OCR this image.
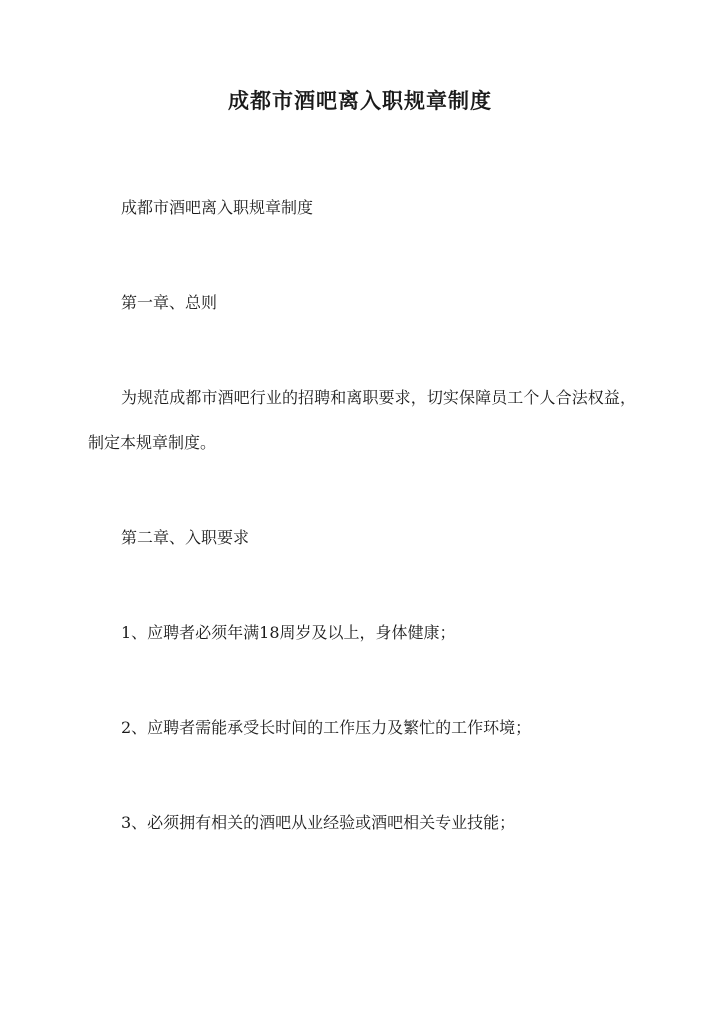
成都市酒吧离入职规章制度

成都市酒吧离入职规章制度

第一章、总则

为规范成都市酒吧行业的招聘和离职要求，切实保障员工个人合法权益，制定本规章制度。

第二章、入职要求

1、应聘者必须年满18周岁及以上，身体健康；

2、应聘者需能承受长时间的工作压力及繁忙的工作环境；

3、必须拥有相关的酒吧从业经验或酒吧相关专业技能；
